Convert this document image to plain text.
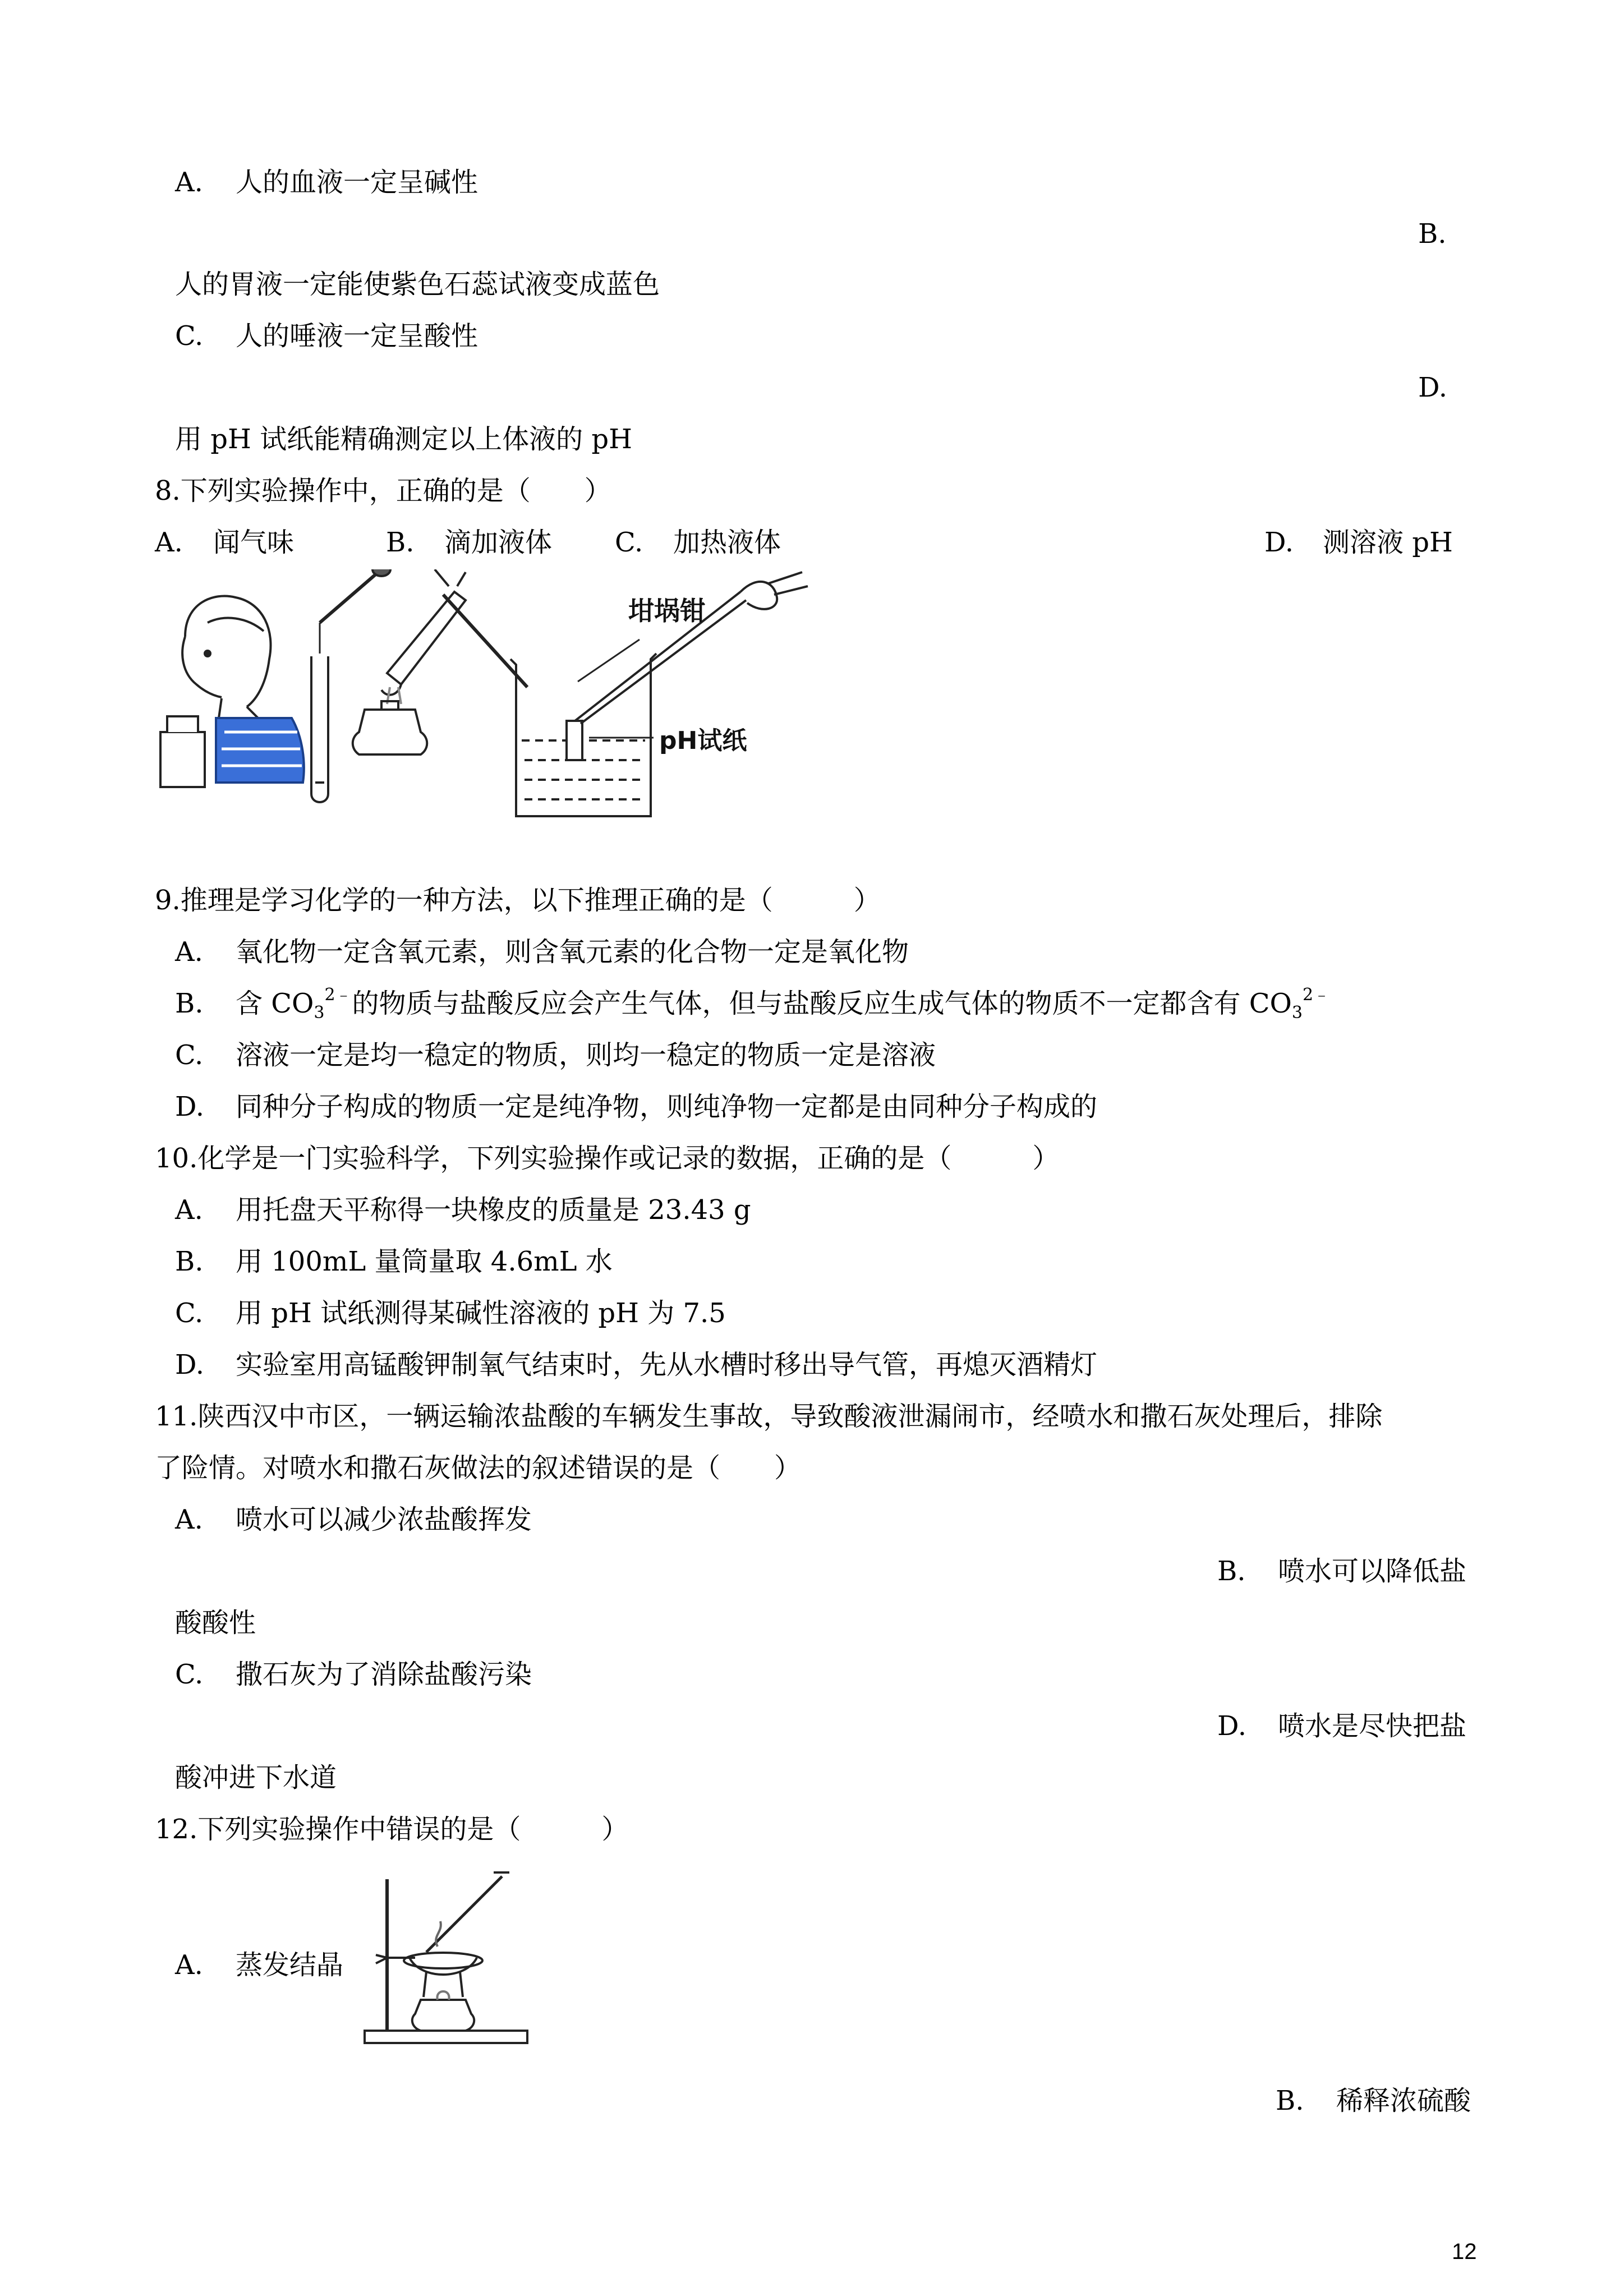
A. 人的血液一定呈碱性
B.
人的胃液一定能使紫色石蕊试液变成蓝色
C. 人的唾液一定呈酸性
D.
用 pH 试纸能精确测定以上体液的 pH
8.下列实验操作中，正确的是（　　）
A. 闻气味	B. 滴加液体 C. 加热液体	D. 测溶液 pH
坩埚钳
pH试纸
9.推理是学习化学的一种方法，以下推理正确的是（　　　）
A. 氧化物一定含氧元素，则含氧元素的化合物一定是氧化物
B. 含 $CO_3^{2﹣}$的物质与盐酸反应会产生气体，但与盐酸反应生成气体的物质不一定都含有 $CO_3^{2﹣}$
C. 溶液一定是均一稳定的物质，则均一稳定的物质一定是溶液
D. 同种分子构成的物质一定是纯净物，则纯净物一定都是由同种分子构成的
10.化学是一门实验科学，下列实验操作或记录的数据，正确的是（　　　）
A. 用托盘天平称得一块橡皮的质量是 23.43 g
B. 用 100mL 量筒量取 4.6mL 水
C. 用 pH 试纸测得某碱性溶液的 pH 为 7.5
D. 实验室用高锰酸钾制氧气结束时，先从水槽时移出导气管，再熄灭酒精灯
11.陕西汉中市区，一辆运输浓盐酸的车辆发生事故，导致酸液泄漏闹市，经喷水和撒石灰处理后，排除
了险情。对喷水和撒石灰做法的叙述错误的是（　　）
A. 喷水可以减少浓盐酸挥发
B. 喷水可以降低盐
酸酸性
C. 撒石灰为了消除盐酸污染
D. 喷水是尽快把盐
酸冲进下水道
12.下列实验操作中错误的是（　　　）
A. 蒸发结晶
B. 稀释浓硫酸
12
